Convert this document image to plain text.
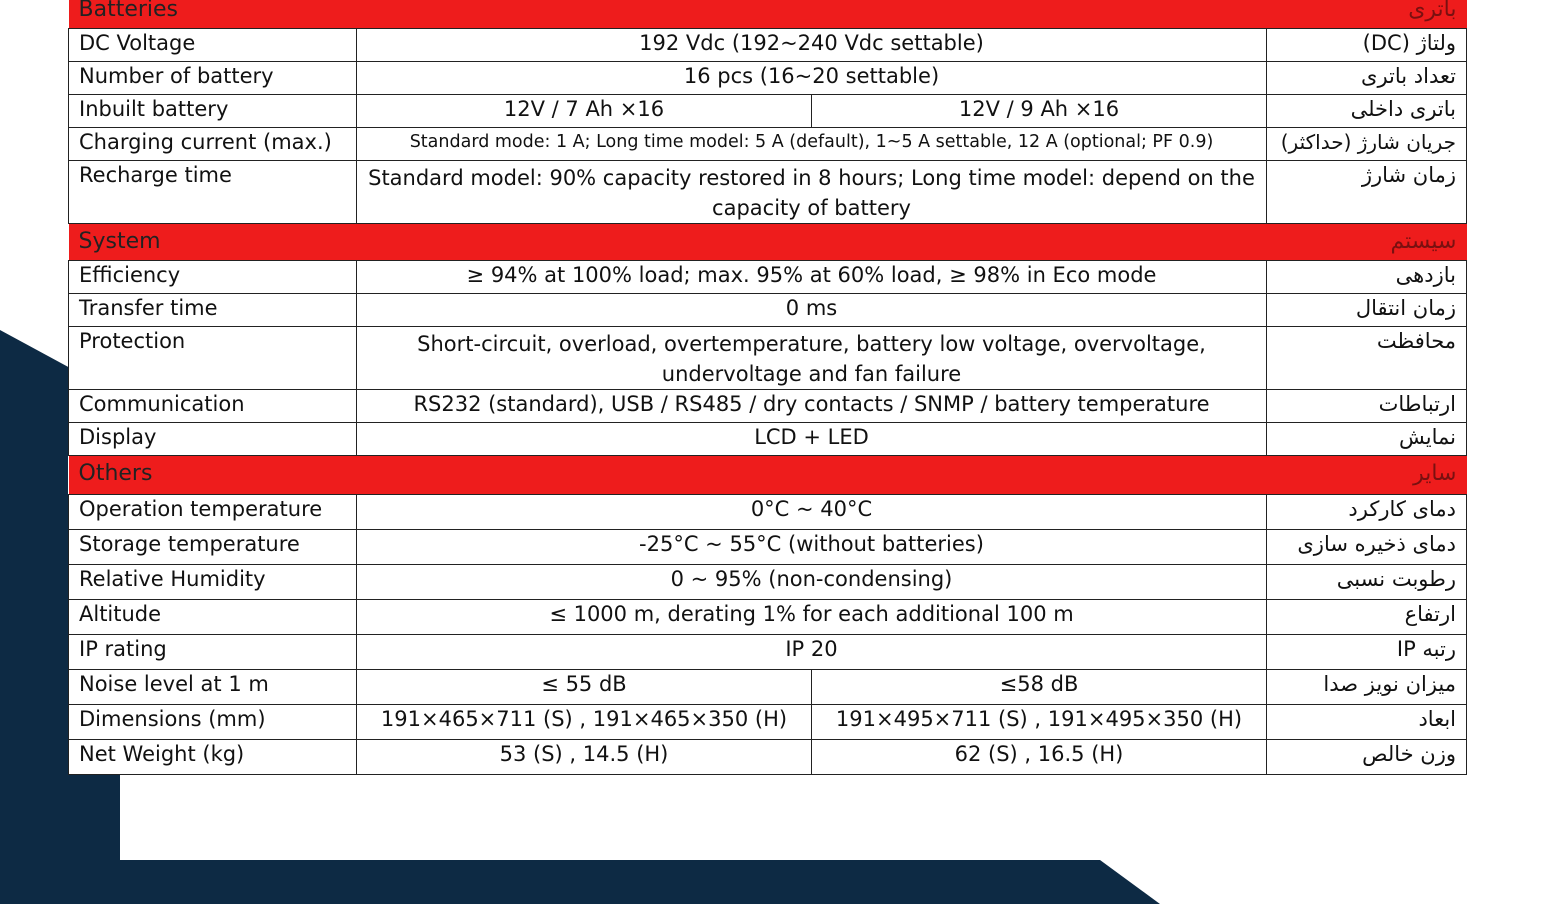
Batteries			باتری
DC Voltage	192 Vdc (192~240 Vdc settable)		ولتاژ (DC)
Number of battery	16 pcs (16~20 settable)		تعداد باتری
Inbuilt battery	12V / 7 Ah ×16	12V / 9 Ah ×16	باتری داخلی
Charging current (max.)	Standard mode: 1 A; Long time model: 5 A (default), 1~5 A settable, 12 A (optional; PF 0.9)		جریان شارژ (حداکثر)
Recharge time	Standard model: 90% capacity restored in 8 hours; Long time model: depend on the capacity of battery		زمان شارژ
System			سیستم
Efficiency	≥ 94% at 100% load; max. 95% at 60% load, ≥ 98% in Eco mode		بازدهی
Transfer time	0 ms		زمان انتقال
Protection	Short-circuit, overload, overtemperature, battery low voltage, overvoltage, undervoltage and fan failure		محافظت
Communication	RS232 (standard), USB / RS485 / dry contacts / SNMP / battery temperature		ارتباطات
Display	LCD + LED		نمایش
Others			سایر
Operation temperature	0°C ~ 40°C		دمای کارکرد
Storage temperature	-25°C ~ 55°C (without batteries)		دمای ذخیره سازی
Relative Humidity	0 ~ 95% (non-condensing)		رطوبت نسبی
Altitude	≤ 1000 m, derating 1% for each additional 100 m		ارتفاع
IP rating	IP 20		رتبه IP
Noise level at 1 m	≤ 55 dB	≤58 dB	میزان نویز صدا
Dimensions (mm)	191×465×711 (S) , 191×465×350 (H)	191×495×711 (S) , 191×495×350 (H)	ابعاد
Net Weight (kg)	53 (S) , 14.5 (H)	62 (S) , 16.5 (H)	وزن خالص
